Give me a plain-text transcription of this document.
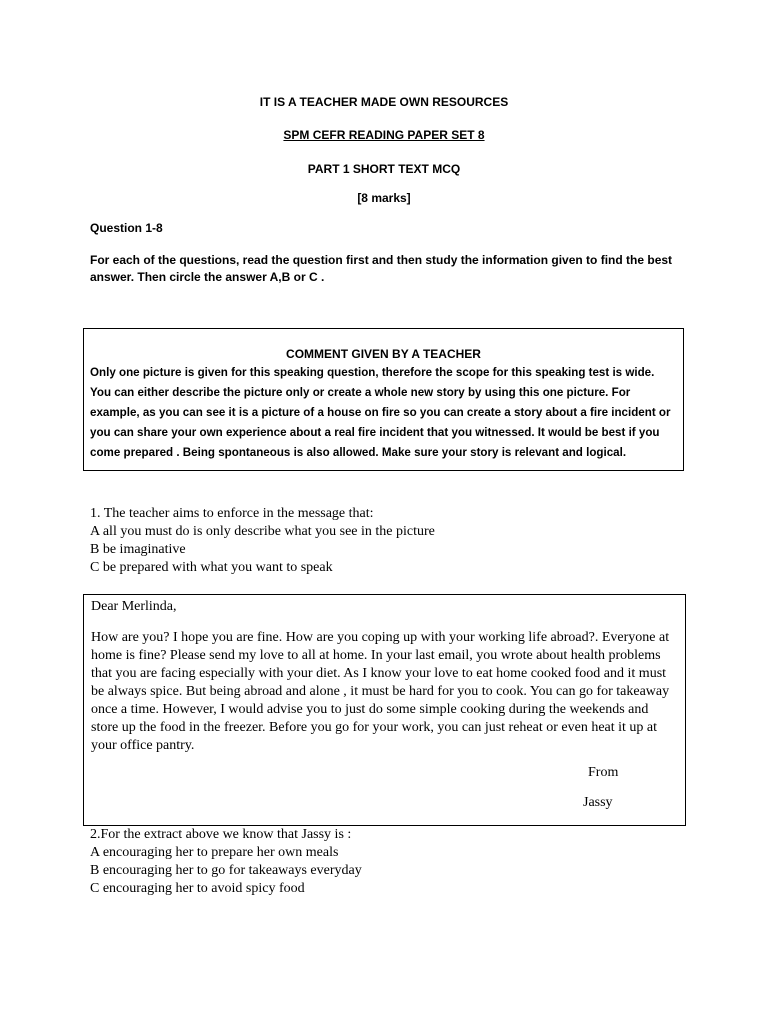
IT IS A TEACHER MADE OWN RESOURCES
SPM CEFR READING PAPER SET 8
PART 1 SHORT TEXT MCQ
[8 marks]
Question 1-8
For each of the questions, read the question first and then study the information given to find the best answer. Then circle the answer A,B or C .
COMMENT GIVEN BY A TEACHER
Only one picture is given for this speaking question, therefore the scope for this speaking test is wide. You can either describe the picture only or create a whole new story by using this one picture. For example, as you can see it is a picture of a house on fire so you can create a story about a fire incident or you can share your own experience about a real fire incident that you witnessed. It would be best if you come prepared . Being spontaneous is also allowed. Make sure your story is relevant and logical.
1. The teacher aims to enforce in the message that:
A all you must do is only describe what you see in the picture
B be imaginative
C be prepared with what you want to speak
Dear Merlinda,
How are you? I hope you are fine. How are you coping up with your working life abroad?. Everyone at home is fine? Please send my love to all at home. In your last email, you wrote about health problems that you are facing especially with your diet. As I know your love to eat home cooked food and it must be always spice. But being abroad and alone , it must be hard for you to cook. You can go for takeaway once a time. However, I would advise you to just do some simple cooking during the weekends and store up the food in the freezer. Before you go for your work, you can just reheat or even heat it up at your office pantry.
From
Jassy
2.For the extract above we know that Jassy is :
A encouraging her to prepare her own meals
B encouraging her to go for takeaways everyday
C encouraging her to avoid spicy food
